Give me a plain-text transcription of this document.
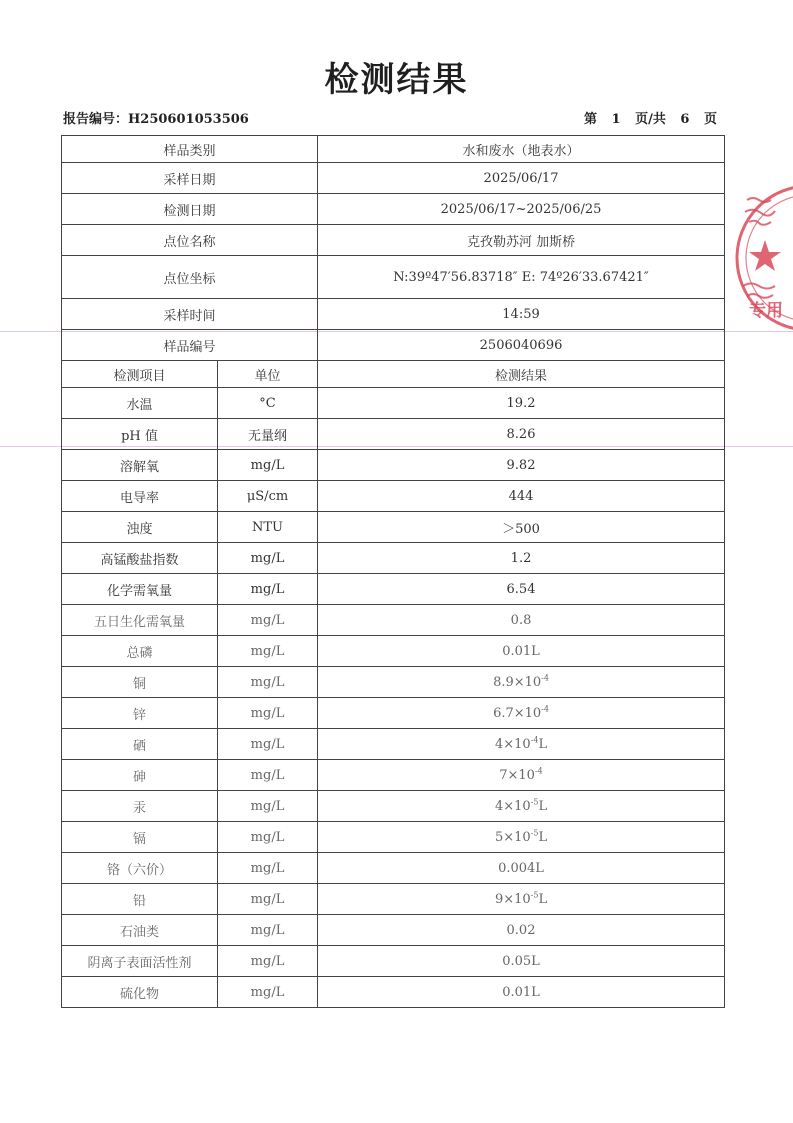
检测结果
报告编号：H250601053506	第 1 页/共 6 页
样品类别		水和废水（地表水）
采样日期		2025/06/17
检测日期		2025/06/17~2025/06/25
点位名称		克孜勒苏河 加斯桥
点位坐标		N:39º47′56.83718″ E: 74º26′33.67421″
采样时间		14:59
样品编号		2506040696
检测项目	单位	检测结果
水温	°C	19.2
pH 值	无量纲	8.26
溶解氧	mg/L	9.82
电导率	μS/cm	444
浊度	NTU	＞500
高锰酸盐指数	mg/L	1.2
化学需氧量	mg/L	6.54
五日生化需氧量	mg/L	0.8
总磷	mg/L	0.01L
铜	mg/L	$8.9\times 10^{-4}$
锌	mg/L	$6.7\times 10^{-4}$
硒	mg/L	$4\times 10^{-4}L$
砷	mg/L	$7\times 10^{-4}$
汞	mg/L	$4\times 10^{-5}L$
镉	mg/L	$5\times 10^{-5}L$
铬（六价）	mg/L	0.004L
铅	mg/L	$9\times 10^{-5}L$
石油类	mg/L	0.02
阴离子表面活性剂	mg/L	0.05L
硫化物	mg/L	0.01L
专用
